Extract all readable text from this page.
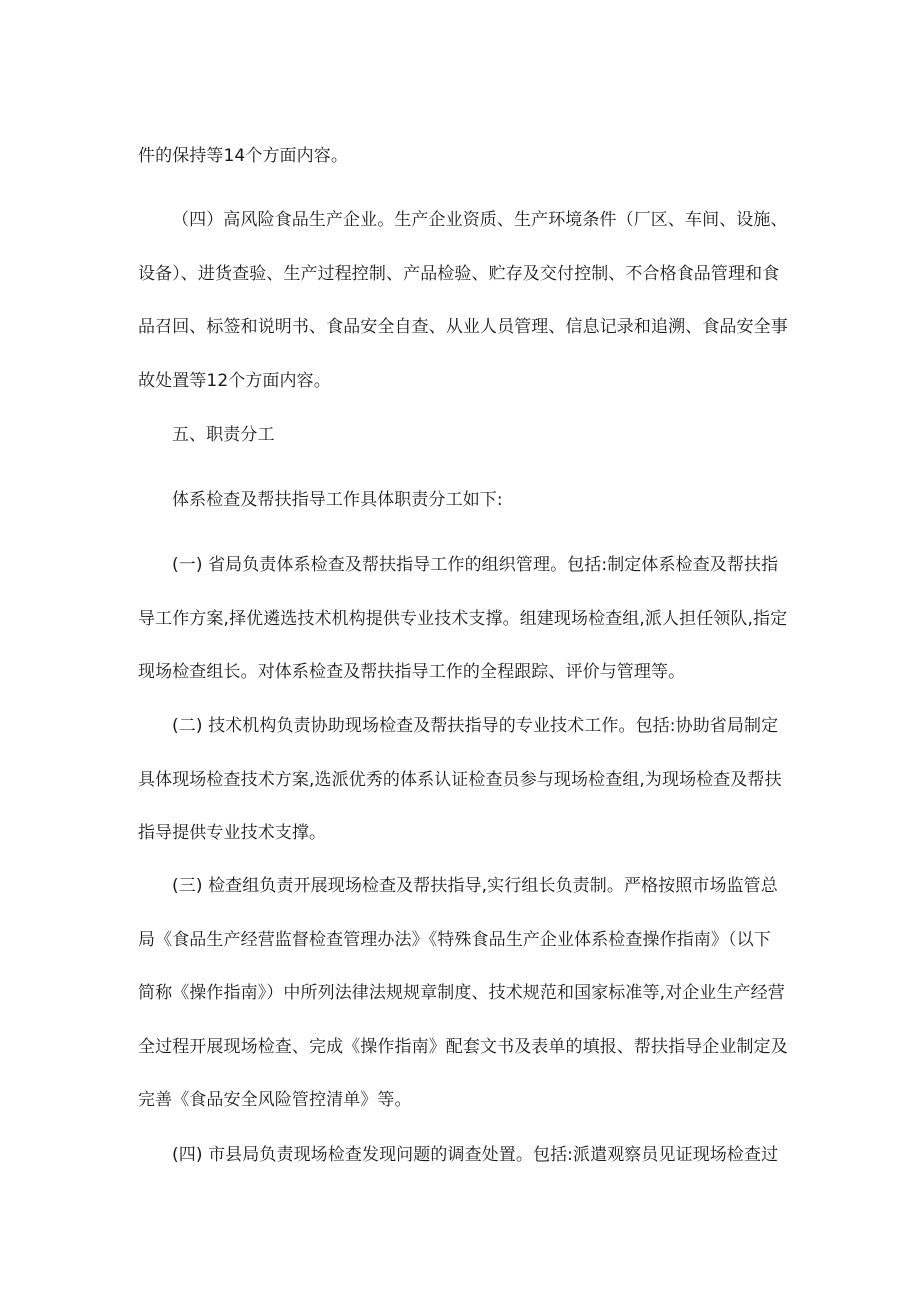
件的保持等14个方面内容。

（四）高风险食品生产企业。生产企业资质、生产环境条件（厂区、车间、设施、
设备）、进货查验、生产过程控制、产品检验、贮存及交付控制、不合格食品管理和食
品召回、标签和说明书、食品安全自查、从业人员管理、信息记录和追溯、食品安全事
故处置等12个方面内容。

五、职责分工

体系检查及帮扶指导工作具体职责分工如下:

(一) 省局负责体系检查及帮扶指导工作的组织管理。包括:制定体系检查及帮扶指
导工作方案,择优遴选技术机构提供专业技术支撑。组建现场检查组,派人担任领队,指定
现场检查组长。对体系检查及帮扶指导工作的全程跟踪、评价与管理等。

(二) 技术机构负责协助现场检查及帮扶指导的专业技术工作。包括:协助省局制定
具体现场检查技术方案,选派优秀的体系认证检查员参与现场检查组,为现场检查及帮扶
指导提供专业技术支撑。

(三) 检查组负责开展现场检查及帮扶指导,实行组长负责制。严格按照市场监管总
局《食品生产经营监督检查管理办法》《特殊食品生产企业体系检查操作指南》（以下
简称《操作指南》）中所列法律法规规章制度、技术规范和国家标准等,对企业生产经营
全过程开展现场检查、完成《操作指南》配套文书及表单的填报、帮扶指导企业制定及
完善《食品安全风险管控清单》等。

(四) 市县局负责现场检查发现问题的调查处置。包括:派遣观察员见证现场检查过
